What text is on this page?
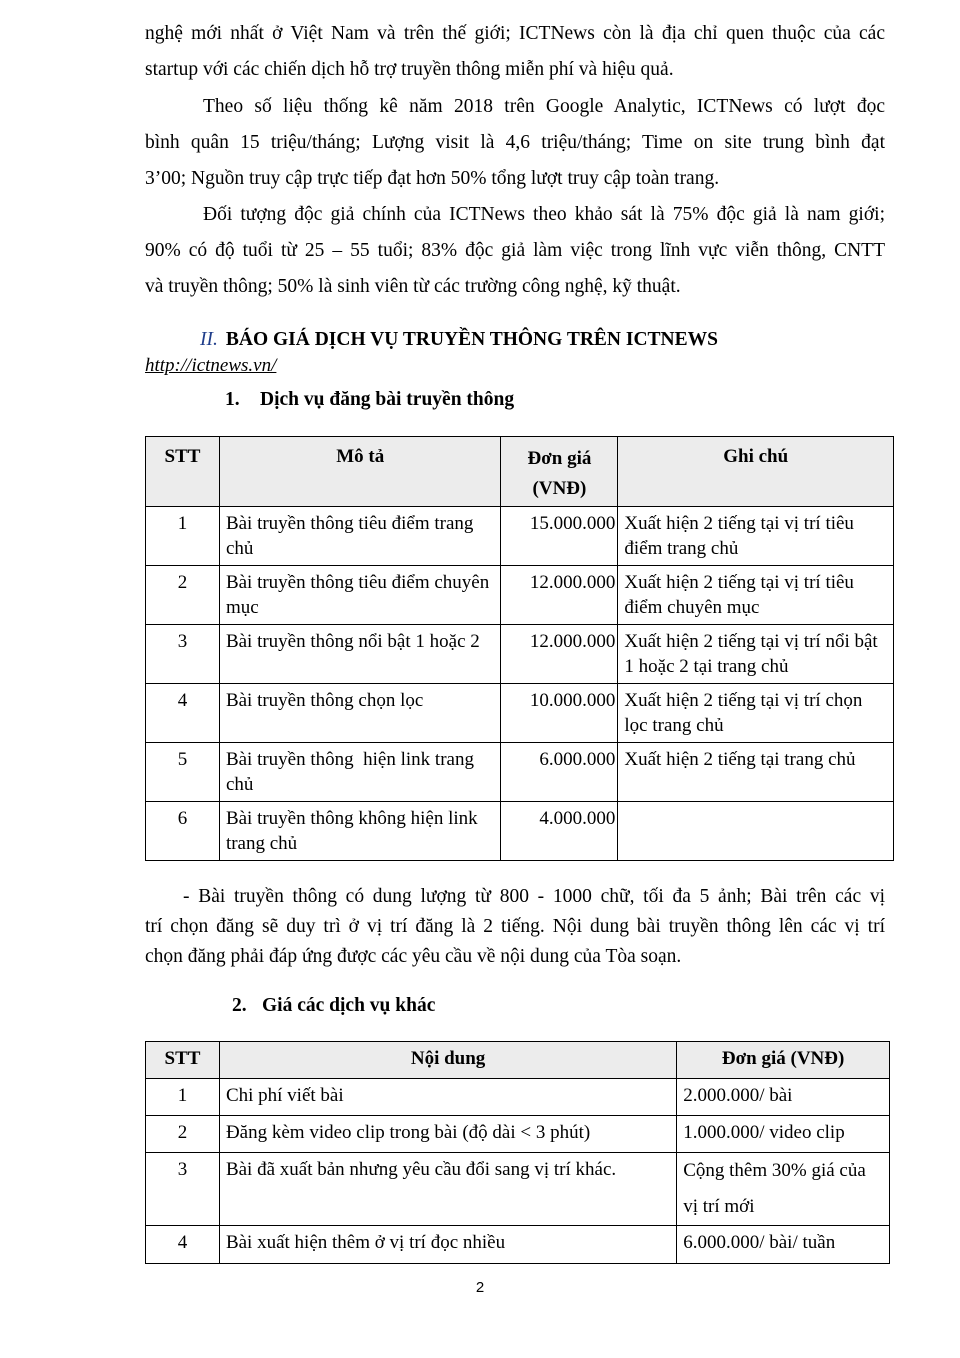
nghệ mới nhất ở Việt Nam và trên thế giới; ICTNews còn là địa chỉ quen thuộc của các
startup với các chiến dịch hỗ trợ truyền thông miễn phí và hiệu quả.
Theo số liệu thống kê năm 2018 trên Google Analytic, ICTNews có lượt đọc
bình quân 15 triệu/tháng; Lượng visit là 4,6 triệu/tháng; Time on site trung bình đạt
3’00; Nguồn truy cập trực tiếp đạt hơn 50% tổng lượt truy cập toàn trang.
Đối tượng độc giả chính của ICTNews theo khảo sát là 75% độc giả là nam giới;
90% có độ tuổi từ 25 – 55 tuổi; 83% độc giả làm việc trong lĩnh vực viễn thông, CNTT
và truyền thông; 50% là sinh viên từ các trường công nghệ, kỹ thuật.
II. BÁO GIÁ DỊCH VỤ TRUYỀN THÔNG TRÊN ICTNEWS
http://ictnews.vn/
1. Dịch vụ đăng bài truyền thông
STT	Mô tả	Đơn giá (VNĐ)	Ghi chú
1	Bài truyền thông tiêu điểm trang chủ	15.000.000	Xuất hiện 2 tiếng tại vị trí tiêu điểm trang chủ
2	Bài truyền thông tiêu điểm chuyên mục	12.000.000	Xuất hiện 2 tiếng tại vị trí tiêu điểm chuyên mục
3	Bài truyền thông nổi bật 1 hoặc 2	12.000.000	Xuất hiện 2 tiếng tại vị trí nổi bật 1 hoặc 2 tại trang chủ
4	Bài truyền thông chọn lọc	10.000.000	Xuất hiện 2 tiếng tại vị trí chọn lọc trang chủ
5	Bài truyền thông  hiện link trang chủ	6.000.000	Xuất hiện 2 tiếng tại trang chủ
6	Bài truyền thông không hiện link trang chủ	4.000.000	
- Bài truyền thông có dung lượng từ 800 - 1000 chữ, tối đa 5 ảnh; Bài trên các vị
trí chọn đăng sẽ duy trì ở vị trí đăng là 2 tiếng. Nội dung bài truyền thông lên các vị trí
chọn đăng phải đáp ứng được các yêu cầu về nội dung của Tòa soạn.
2. Giá các dịch vụ khác
STT	Nội dung	Đơn giá (VNĐ)
1	Chi phí viết bài	2.000.000/ bài
2	Đăng kèm video clip trong bài (độ dài < 3 phút)	1.000.000/ video clip
3	Bài đã xuất bản nhưng yêu cầu đổi sang vị trí khác.	Cộng thêm 30% giá của vị trí mới
4	Bài xuất hiện thêm ở vị trí đọc nhiều	6.000.000/ bài/ tuần
2
